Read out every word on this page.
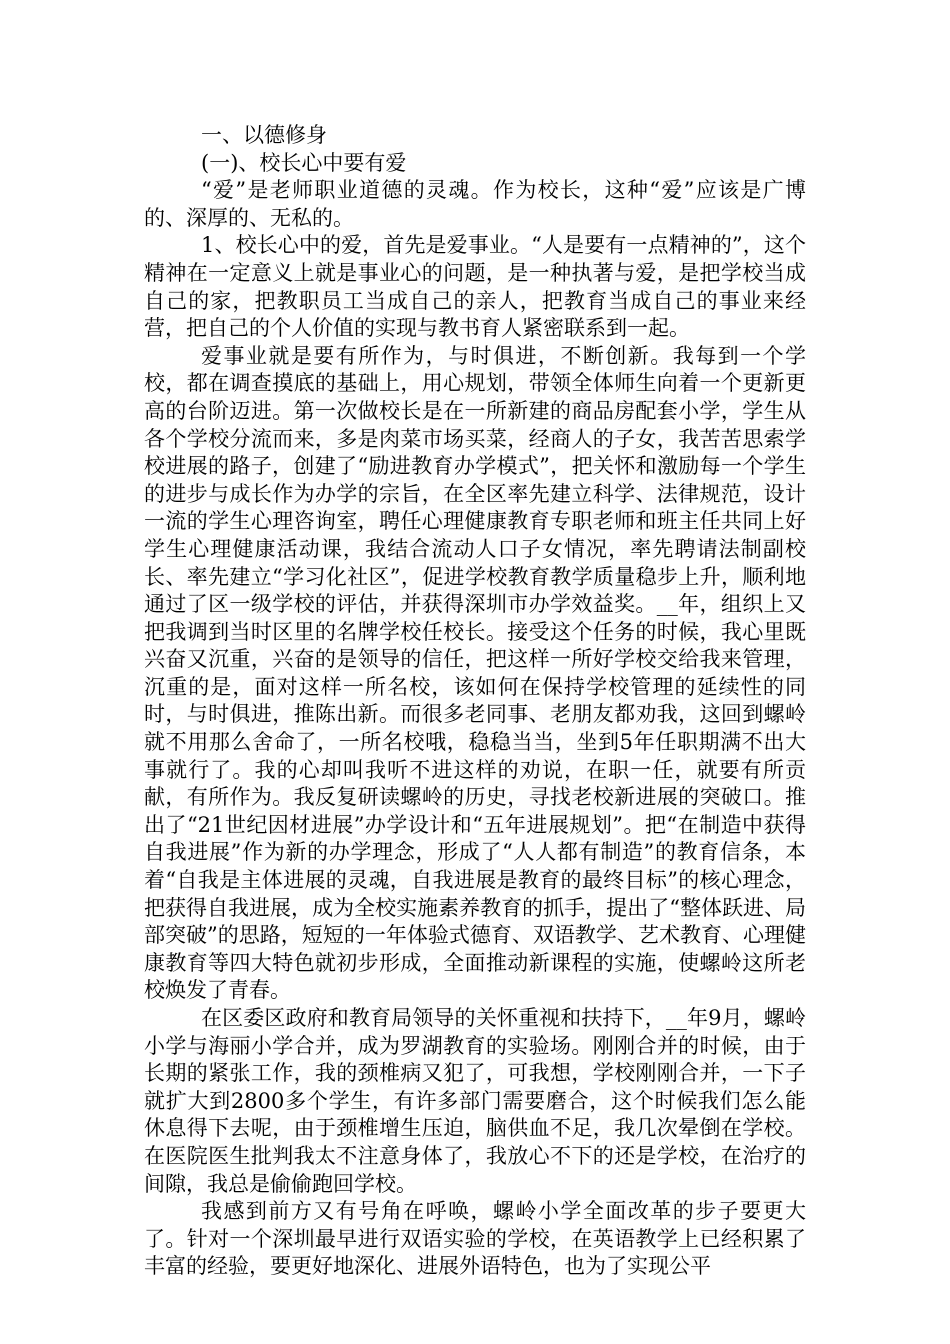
一、以德修身

(一)、校长心中要有爱

“爱”是老师职业道德的灵魂。作为校长，这种“爱”应该是广博的、深厚的、无私的。

1、校长心中的爱，首先是爱事业。“人是要有一点精神的”，这个精神在一定意义上就是事业心的问题，是一种执著与爱，是把学校当成自己的家，把教职员工当成自己的亲人，把教育当成自己的事业来经营，把自己的个人价值的实现与教书育人紧密联系到一起。

爱事业就是要有所作为，与时俱进，不断创新。我每到一个学校，都在调查摸底的基础上，用心规划，带领全体师生向着一个更新更高的台阶迈进。第一次做校长是在一所新建的商品房配套小学，学生从各个学校分流而来，多是肉菜市场买菜，经商人的子女，我苦苦思索学校进展的路子，创建了“励进教育办学模式”，把关怀和激励每一个学生的进步与成长作为办学的宗旨，在全区率先建立科学、法律规范，设计一流的学生心理咨询室，聘任心理健康教育专职老师和班主任共同上好学生心理健康活动课，我结合流动人口子女情况，率先聘请法制副校长、率先建立“学习化社区”，促进学校教育教学质量稳步上升，顺利地通过了区一级学校的评估，并获得深圳市办学效益奖。__年，组织上又把我调到当时区里的名牌学校任校长。接受这个任务的时候，我心里既兴奋又沉重，兴奋的是领导的信任，把这样一所好学校交给我来管理，沉重的是，面对这样一所名校，该如何在保持学校管理的延续性的同时，与时俱进，推陈出新。而很多老同事、老朋友都劝我，这回到螺岭就不用那么舍命了，一所名校哦，稳稳当当，坐到5年任职期满不出大事就行了。我的心却叫我听不进这样的劝说，在职一任，就要有所贡献，有所作为。我反复研读螺岭的历史，寻找老校新进展的突破口。推出了“21世纪因材进展”办学设计和“五年进展规划”。把“在制造中获得自我进展”作为新的办学理念，形成了“人人都有制造”的教育信条，本着“自我是主体进展的灵魂，自我进展是教育的最终目标”的核心理念，把获得自我进展，成为全校实施素养教育的抓手，提出了“整体跃进、局部突破”的思路，短短的一年体验式德育、双语教学、艺术教育、心理健康教育等四大特色就初步形成，全面推动新课程的实施，使螺岭这所老校焕发了青春。

在区委区政府和教育局领导的关怀重视和扶持下，__年9月，螺岭小学与海丽小学合并，成为罗湖教育的实验场。刚刚合并的时候，由于长期的紧张工作，我的颈椎病又犯了，可我想，学校刚刚合并，一下子就扩大到2800多个学生，有许多部门需要磨合，这个时候我们怎么能休息得下去呢，由于颈椎增生压迫，脑供血不足，我几次晕倒在学校。在医院医生批判我太不注意身体了，我放心不下的还是学校，在治疗的间隙，我总是偷偷跑回学校。

我感到前方又有号角在呼唤，螺岭小学全面改革的步子要更大了。针对一个深圳最早进行双语实验的学校，在英语教学上已经积累了丰富的经验，要更好地深化、进展外语特色，也为了实现公平
